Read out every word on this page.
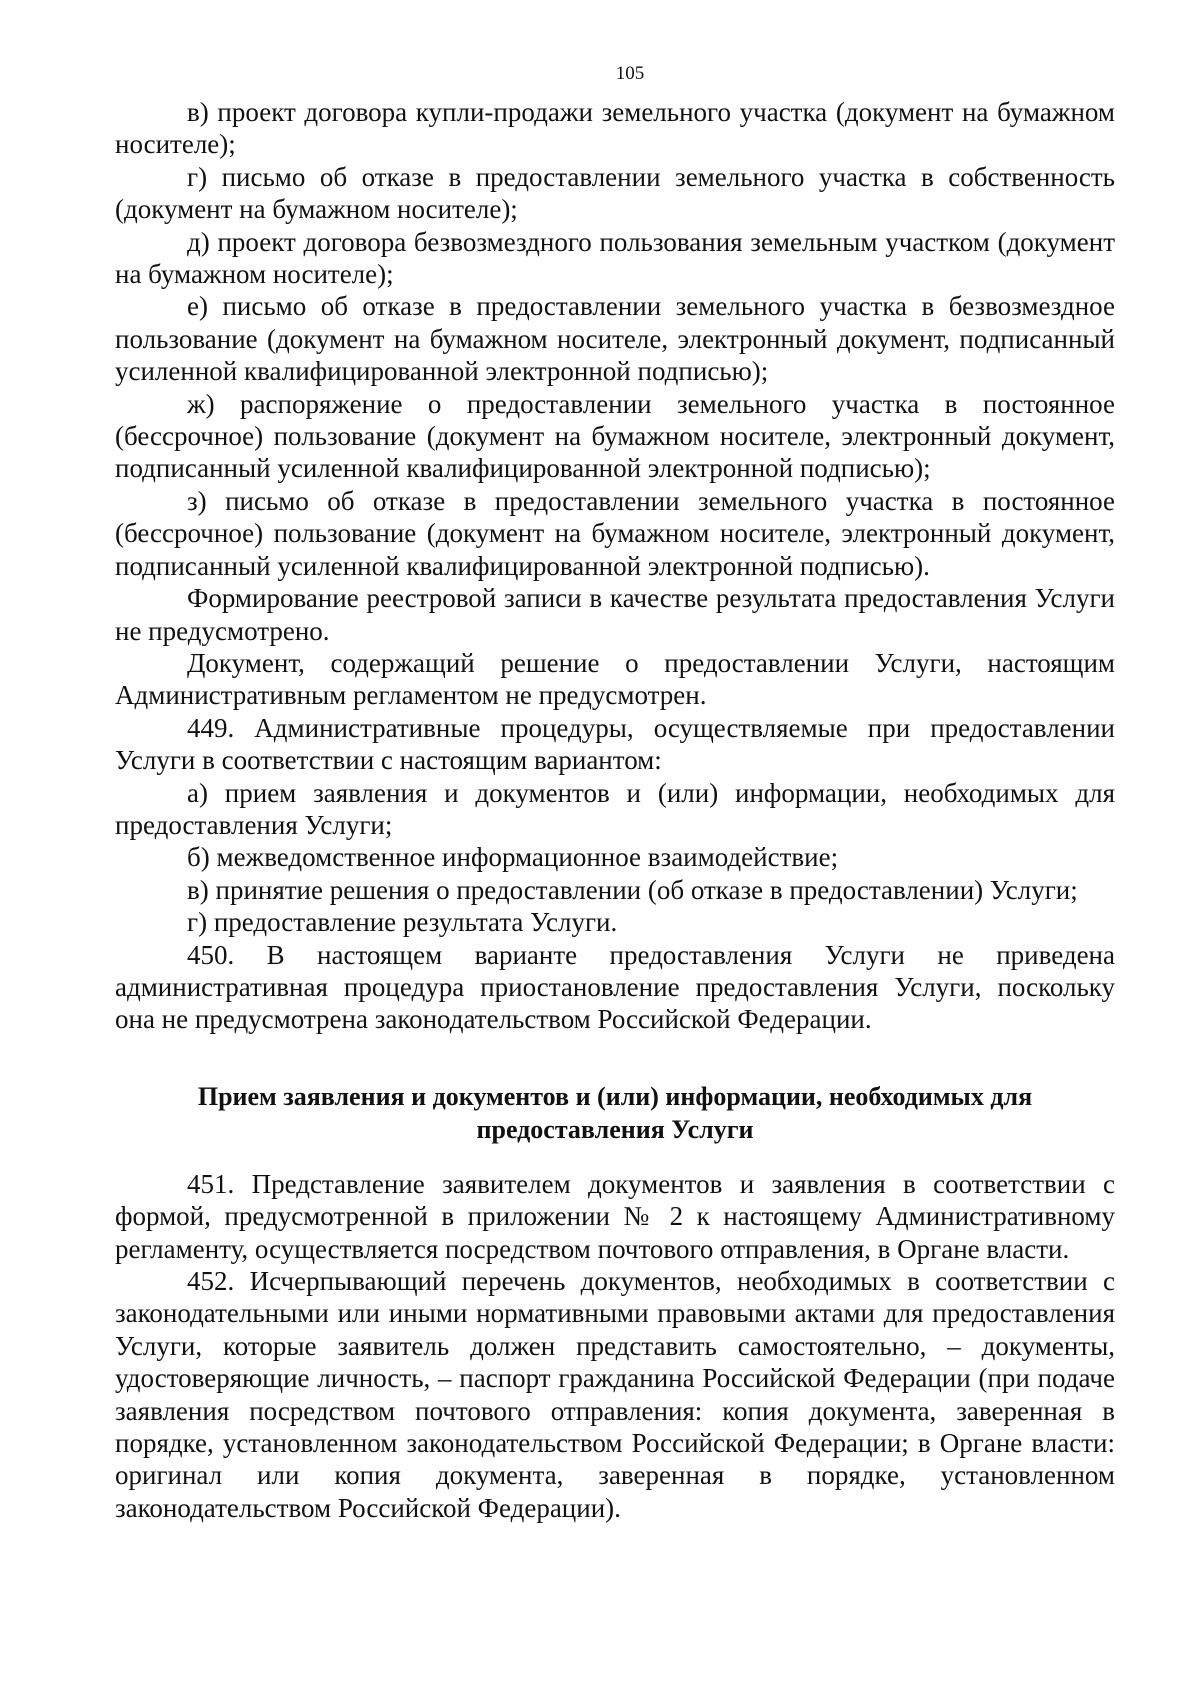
105

в) проект договора купли-продажи земельного участка (документ на бумажном носителе);

г) письмо об отказе в предоставлении земельного участка в собственность (документ на бумажном носителе);

д) проект договора безвозмездного пользования земельным участком (документ на бумажном носителе);

е) письмо об отказе в предоставлении земельного участка в безвозмездное пользование (документ на бумажном носителе, электронный документ, подписанный усиленной квалифицированной электронной подписью);

ж) распоряжение о предоставлении земельного участка в постоянное (бессрочное) пользование (документ на бумажном носителе, электронный документ, подписанный усиленной квалифицированной электронной подписью);

з) письмо об отказе в предоставлении земельного участка в постоянное (бессрочное) пользование (документ на бумажном носителе, электронный документ, подписанный усиленной квалифицированной электронной подписью).

Формирование реестровой записи в качестве результата предоставления Услуги не предусмотрено.

Документ, содержащий решение о предоставлении Услуги, настоящим Административным регламентом не предусмотрен.

449. Административные процедуры, осуществляемые при предоставлении Услуги в соответствии с настоящим вариантом:

а) прием заявления и документов и (или) информации, необходимых для предоставления Услуги;

б) межведомственное информационное взаимодействие;

в) принятие решения о предоставлении (об отказе в предоставлении) Услуги;

г) предоставление результата Услуги.

450. В настоящем варианте предоставления Услуги не приведена административная процедура приостановление предоставления Услуги, поскольку она не предусмотрена законодательством Российской Федерации.

Прием заявления и документов и (или) информации, необходимых для
предоставления Услуги

451. Представление заявителем документов и заявления в соответствии с формой, предусмотренной в приложении № 2 к настоящему Административному регламенту, осуществляется посредством почтового отправления, в Органе власти.

452. Исчерпывающий перечень документов, необходимых в соответствии с законодательными или иными нормативными правовыми актами для предоставления Услуги, которые заявитель должен представить самостоятельно, – документы, удостоверяющие личность, – паспорт гражданина Российской Федерации (при подаче заявления посредством почтового отправления: копия документа, заверенная в порядке, установленном законодательством Российской Федерации; в Органе власти: оригинал или копия документа, заверенная в порядке, установленном законодательством Российской Федерации).
